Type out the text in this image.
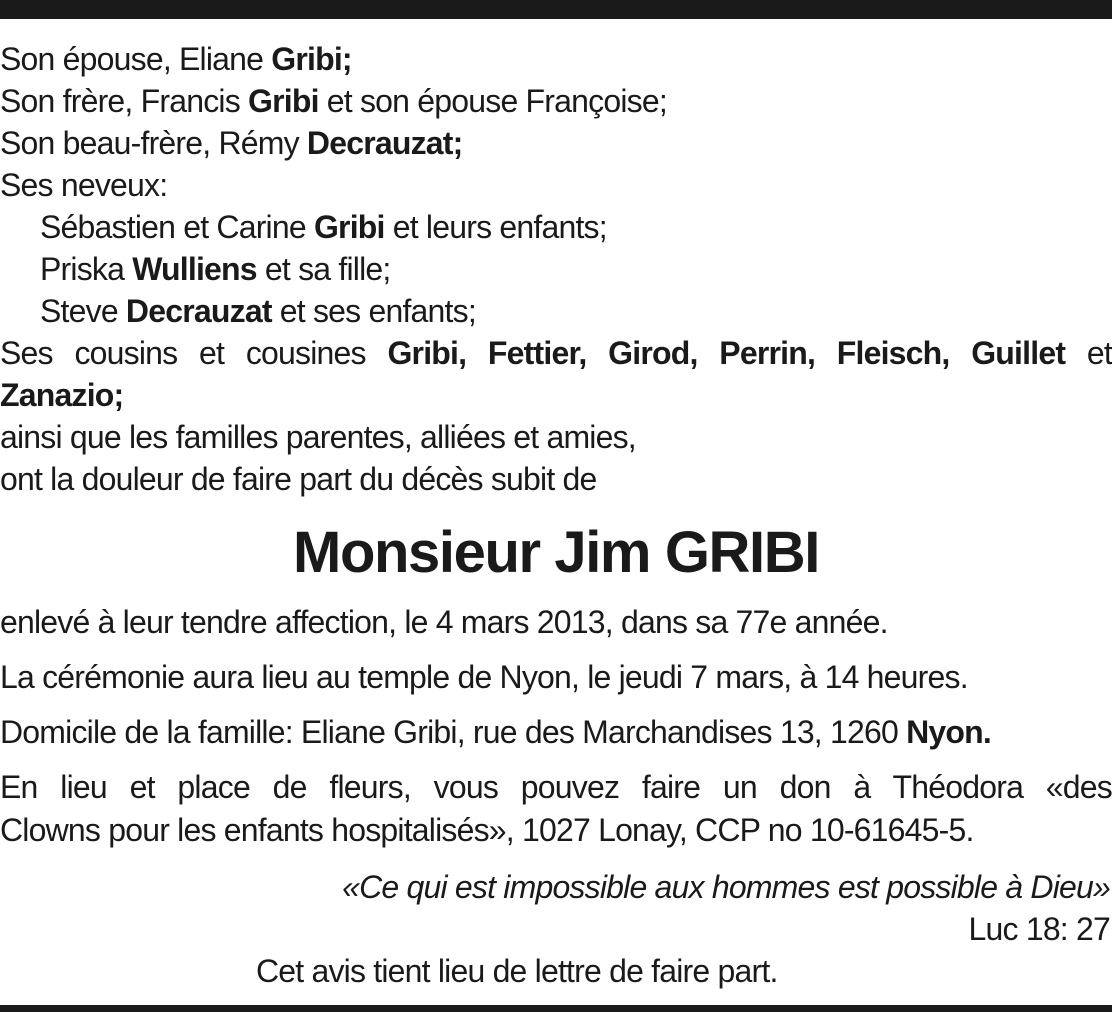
Son épouse, Eliane Gribi;
Son frère, Francis Gribi et son épouse Françoise;
Son beau-frère, Rémy Decrauzat;
Ses neveux:
Sébastien et Carine Gribi et leurs enfants;
Priska Wulliens et sa fille;
Steve Decrauzat et ses enfants;
Ses cousins et cousines Gribi, Fettier, Girod, Perrin, Fleisch, Guillet et
Zanazio;
ainsi que les familles parentes, alliées et amies,
ont la douleur de faire part du décès subit de
Monsieur Jim GRIBI

enlevé à leur tendre affection, le 4 mars 2013, dans sa 77e année.

La cérémonie aura lieu au temple de Nyon, le jeudi 7 mars, à 14 heures.

Domicile de la famille: Eliane Gribi, rue des Marchandises 13, 1260 Nyon.

En lieu et place de fleurs, vous pouvez faire un don à Théodora «des
Clowns pour les enfants hospitalisés», 1027 Lonay, CCP no 10-61645-5.

«Ce qui est impossible aux hommes est possible à Dieu»
Luc 18: 27
Cet avis tient lieu de lettre de faire part.
